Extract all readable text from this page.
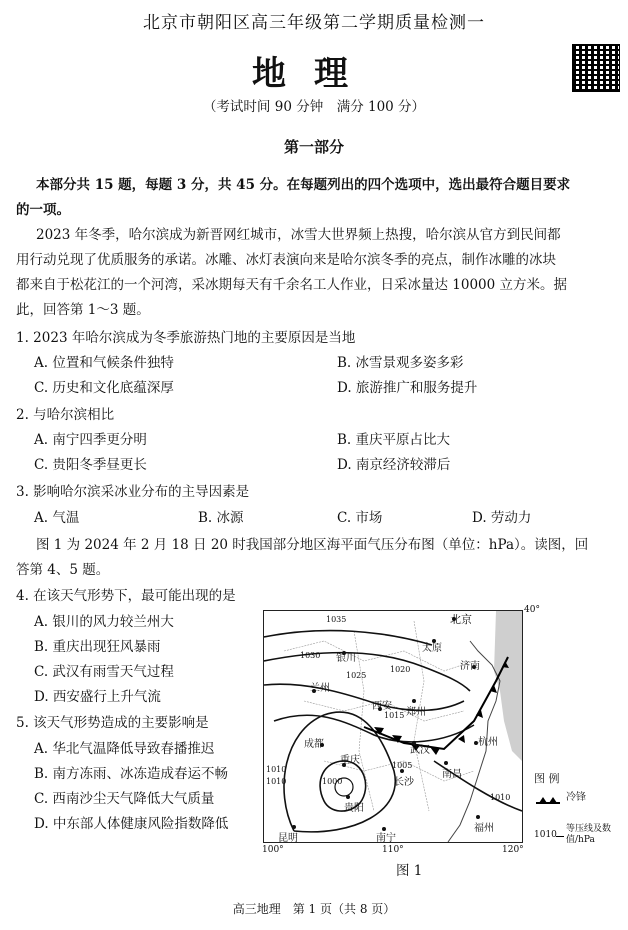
北京市朝阳区高三年级第二学期质量检测一
地理
（考试时间 90 分钟　满分 100 分）
第一部分
本部分共 15 题，每题 3 分，共 45 分。在每题列出的四个选项中，选出最符合题目要求
的一项。
2023 年冬季，哈尔滨成为新晋网红城市，冰雪大世界频上热搜，哈尔滨从官方到民间都
用行动兑现了优质服务的承诺。冰雕、冰灯表演向来是哈尔滨冬季的亮点，制作冰雕的冰块
都来自于松花江的一个河湾，采冰期每天有千余名工人作业，日采冰量达 10000 立方米。据
此，回答第 1～3 题。
1. 2023 年哈尔滨成为冬季旅游热门地的主要原因是当地
A. 位置和气候条件独特	B. 冰雪景观多姿多彩
C. 历史和文化底蕴深厚	D. 旅游推广和服务提升
2. 与哈尔滨相比
A. 南宁四季更分明	B. 重庆平原占比大
C. 贵阳冬季昼更长	D. 南京经济较滞后
3. 影响哈尔滨采冰业分布的主导因素是
A. 气温	B. 冰源	C. 市场	D. 劳动力
图 1 为 2024 年 2 月 18 日 20 时我国部分地区海平面气压分布图（单位：hPa）。读图，回
答第 4、5 题。
4. 在该天气形势下，最可能出现的是
A. 银川的风力较兰州大
B. 重庆出现狂风暴雨
C. 武汉有雨雪天气过程
D. 西安盛行上升气流
5. 该天气形势造成的主要影响是
A. 华北气温降低导致春播推迟
B. 南方冻雨、冰冻造成春运不畅
C. 西南沙尘天气降低大气质量
D. 中东部人体健康风险指数降低
北京
太原
济南
银川
兰州
郑州
西安
成都
重庆
武汉
长沙
南昌
杭州
贵阳
福州
昆明	南宁
1035
1030
1025
1020
1015
1010	1005
1000
1010
1010
100°	110°	120°
40°
图 例
冷锋
1010
等压线及数值/hPa
图 1
高三地理　第 1 页（共 8 页）
